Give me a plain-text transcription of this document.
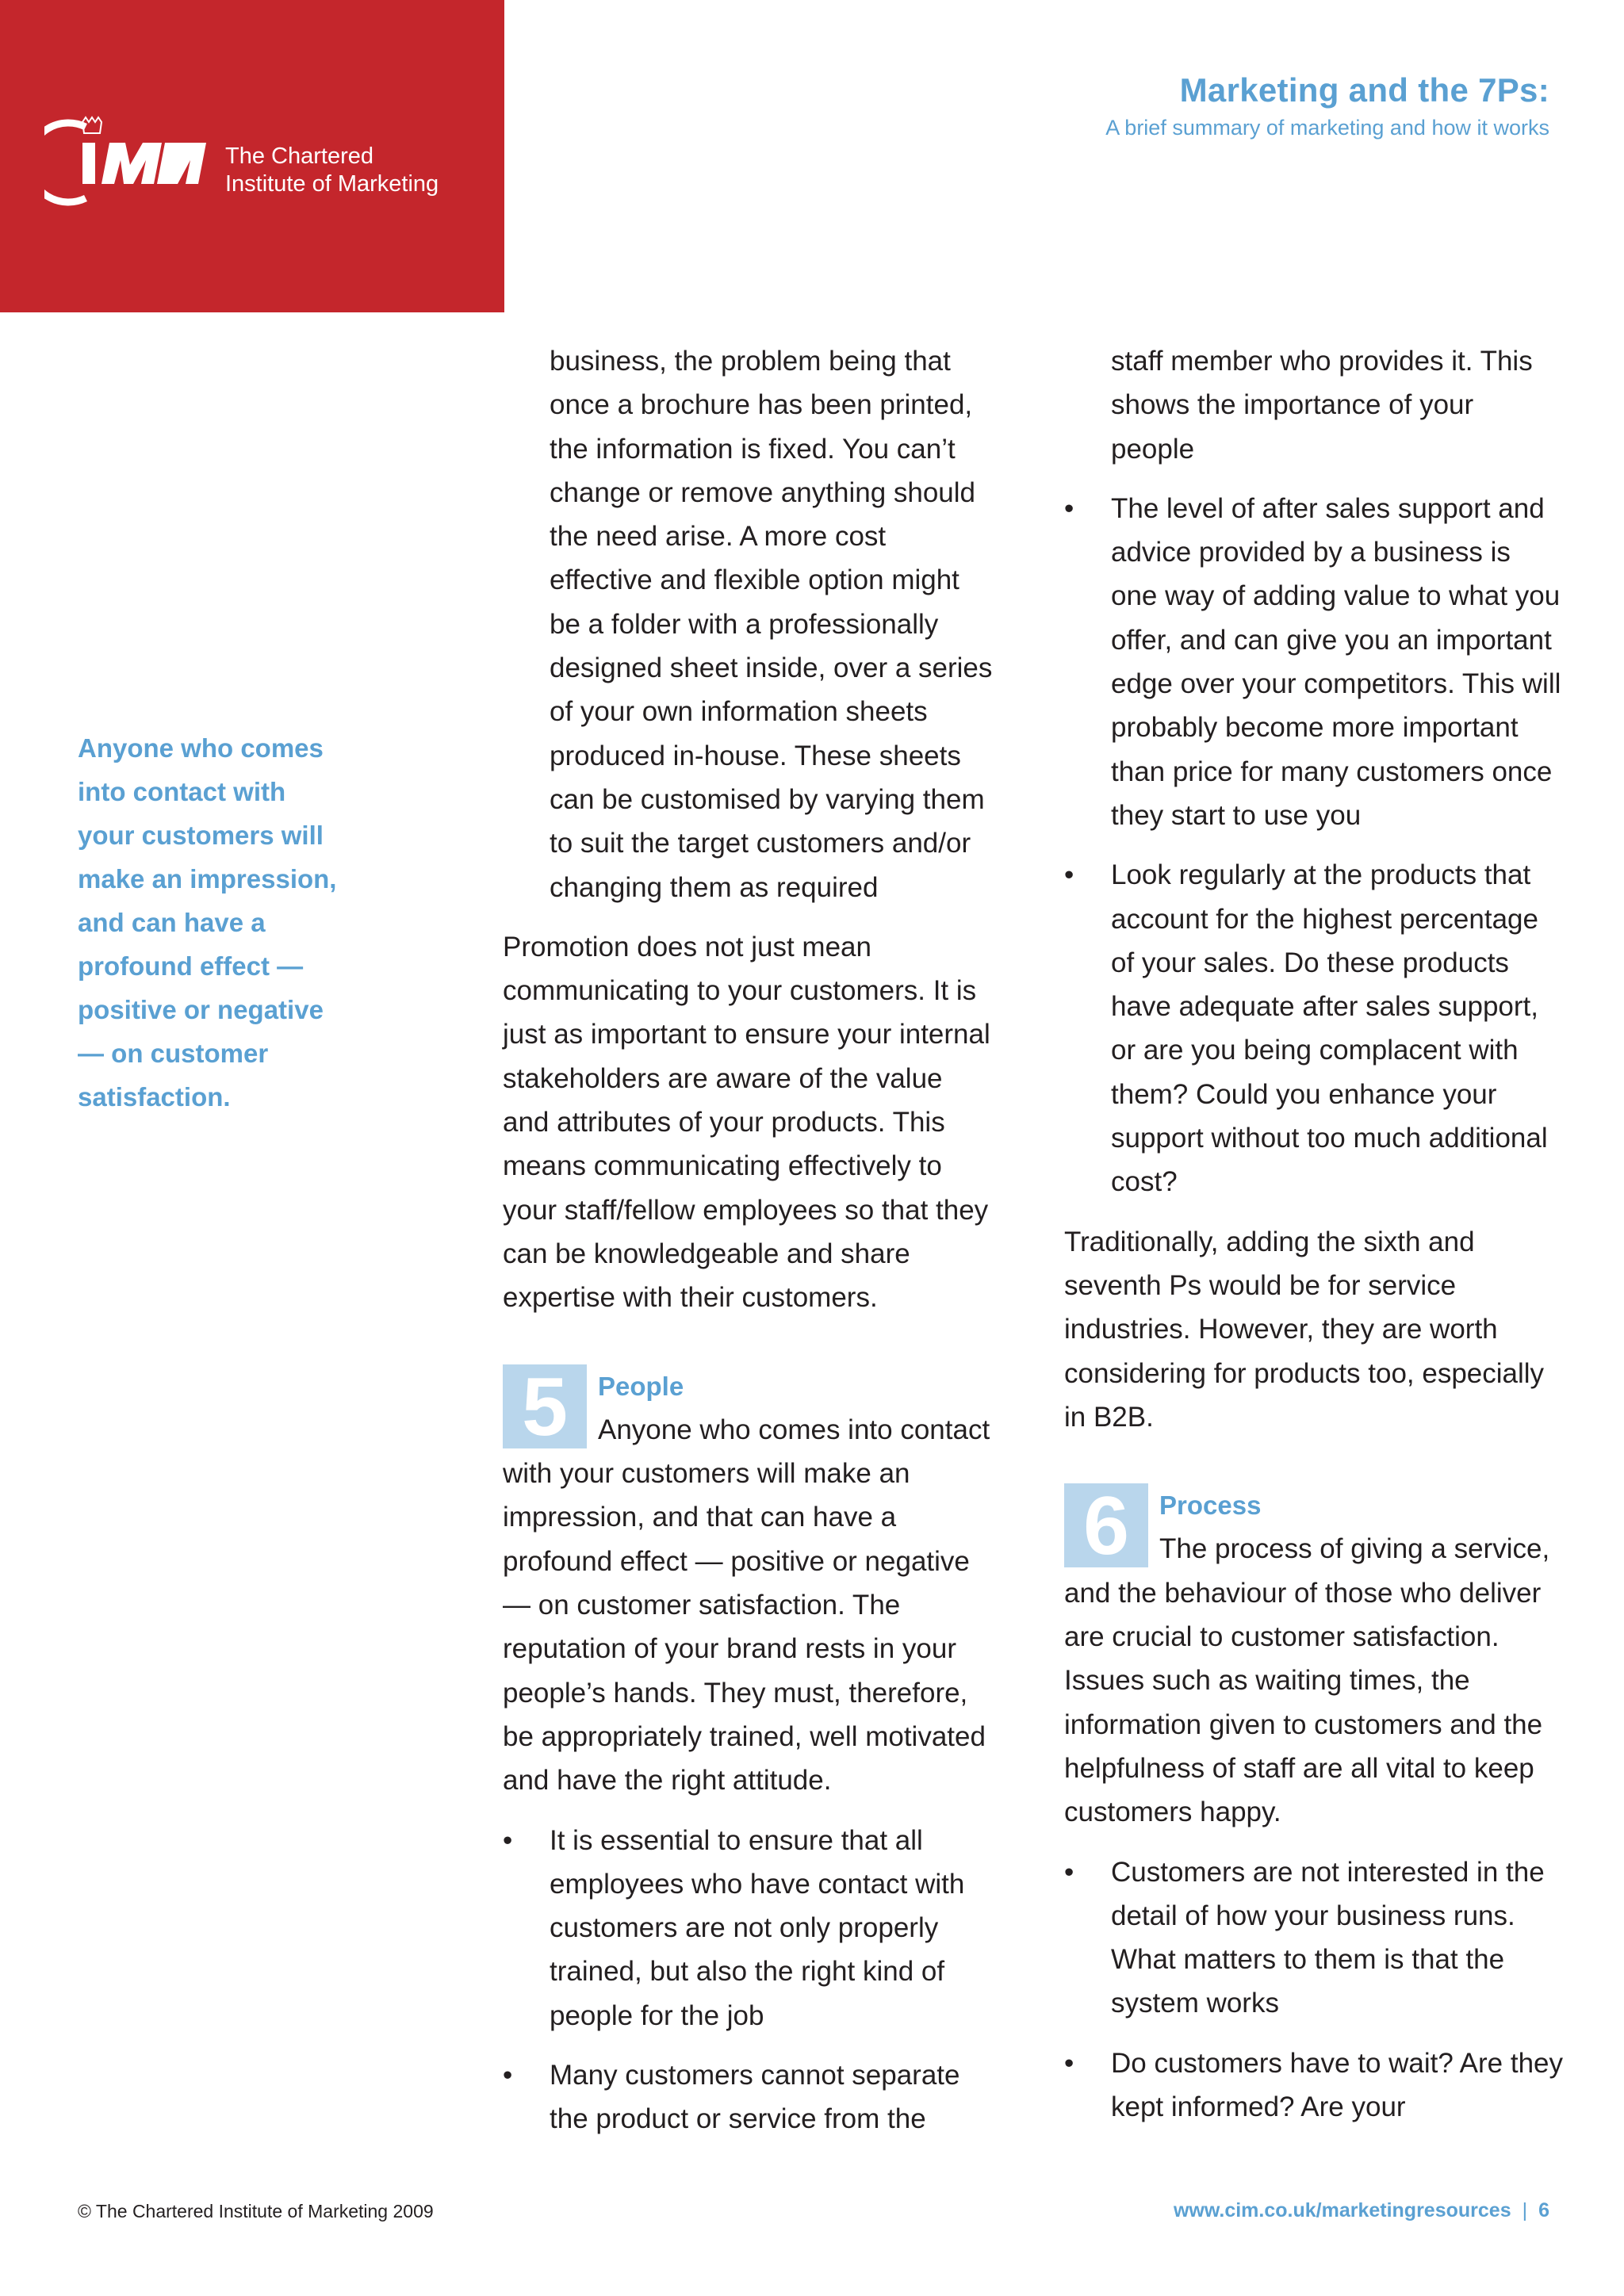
The Chartered
Institute of Marketing
Marketing and the 7Ps:
A brief summary of marketing and how it works
Anyone who comes
into contact with
your customers will
make an impression,
and can have a
profound effect —
positive or negative
— on customer
satisfaction.

business, the problem being that once a brochure has been printed, the information is fixed. You can’t change or remove anything should the need arise. A more cost effective and flexible option might be a folder with a professionally designed sheet inside, over a series of your own information sheets produced in-house. These sheets can be customised by varying them to suit the target customers and/or changing them as required

Promotion does not just mean communicating to your customers. It is just as important to ensure your internal stakeholders are aware of the value and attributes of your products. This means communicating effectively to your staff/fellow employees so that they can be knowledgeable and share expertise with their customers.

5	People

Anyone who comes into contact with your customers will make an impression, and that can have a profound effect — positive or negative — on customer satisfaction. The reputation of your brand rests in your people’s hands. They must, therefore, be appropriately trained, well motivated and have the right attitude.

• It is essential to ensure that all employees who have contact with customers are not only properly trained, but also the right kind of people for the job
• Many customers cannot separate the product or service from the

staff member who provides it. This shows the importance of your people

• The level of after sales support and advice provided by a business is one way of adding value to what you offer, and can give you an important edge over your competitors. This will probably become more important than price for many customers once they start to use you
• Look regularly at the products that account for the highest percentage of your sales. Do these products have adequate after sales support, or are you being complacent with them? Could you enhance your support without too much additional cost?

Traditionally, adding the sixth and seventh Ps would be for service industries. However, they are worth considering for products too, especially in B2B.

6	Process

The process of giving a service, and the behaviour of those who deliver are crucial to customer satisfaction. Issues such as waiting times, the information given to customers and the helpfulness of staff are all vital to keep customers happy.

• Customers are not interested in the detail of how your business runs. What matters to them is that the system works
• Do customers have to wait? Are they kept informed? Are your
© The Chartered Institute of Marketing 2009	www.cim.co.uk/marketingresources | 6
